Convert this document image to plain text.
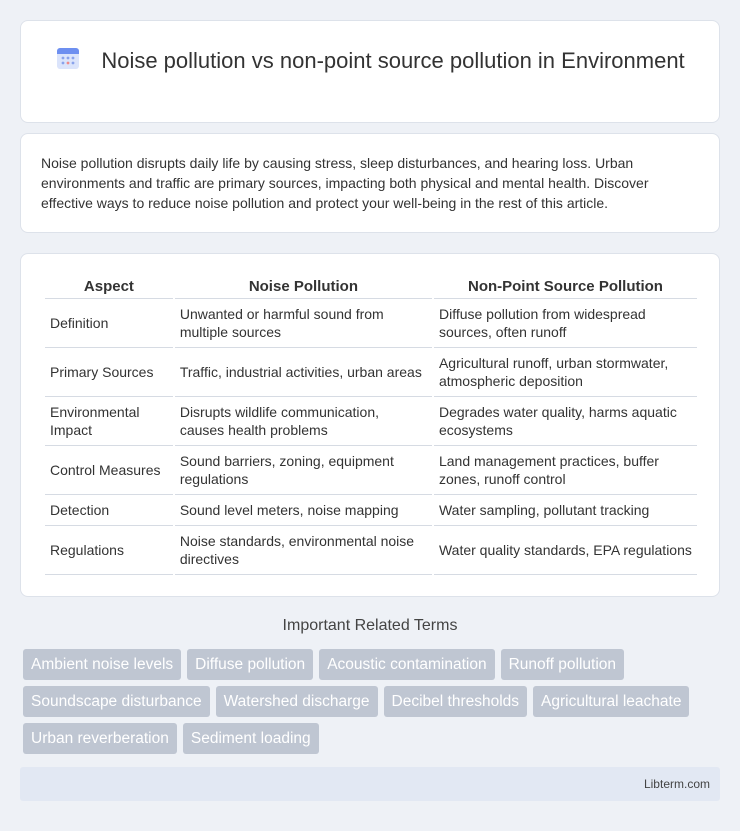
Noise pollution vs non-point source pollution in Environment

Noise pollution disrupts daily life by causing stress, sleep disturbances, and hearing loss. Urban environments and traffic are primary sources, impacting both physical and mental health. Discover effective ways to reduce noise pollution and protect your well-being in the rest of this article.

Aspect	Noise Pollution	Non-Point Source Pollution
Definition	Unwanted or harmful sound from multiple sources	Diffuse pollution from widespread sources, often runoff
Primary Sources	Traffic, industrial activities, urban areas	Agricultural runoff, urban stormwater, atmospheric deposition
Environmental Impact	Disrupts wildlife communication, causes health problems	Degrades water quality, harms aquatic ecosystems
Control Measures	Sound barriers, zoning, equipment regulations	Land management practices, buffer zones, runoff control
Detection	Sound level meters, noise mapping	Water sampling, pollutant tracking
Regulations	Noise standards, environmental noise directives	Water quality standards, EPA regulations
Important Related Terms
Ambient noise levels	Diffuse pollution	Acoustic contamination	Runoff pollution
Soundscape disturbance	Watershed discharge	Decibel thresholds	Agricultural leachate
Urban reverberation	Sediment loading
Libterm.com
